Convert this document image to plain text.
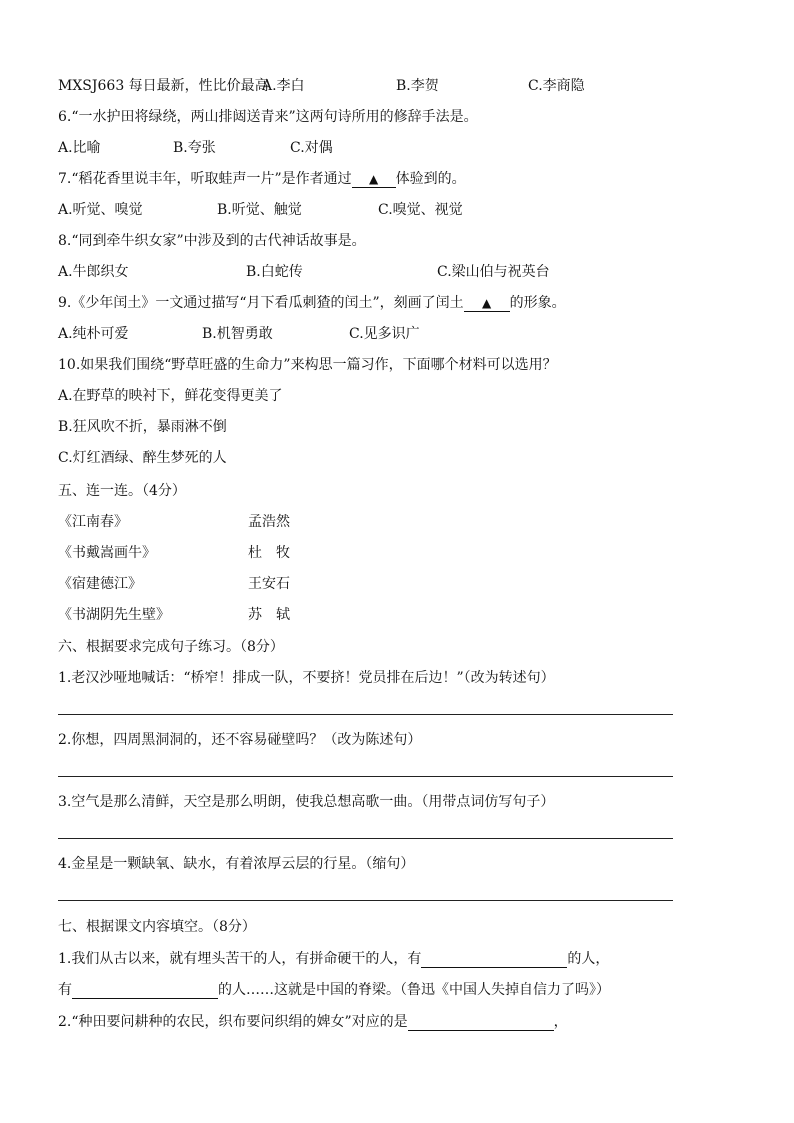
MXSJ663 每日最新，性比价最高
A.李白	B.李贺	C.李商隐
6.“一水护田将绿绕，两山排闼送青来”这两句诗所用的修辞手法是。
A.比喻	B.夸张	C.对偶
7.“稻花香里说丰年，听取蛙声一片”是作者通过 ▲ 体验到的。
A.听觉、嗅觉	B.听觉、触觉	C.嗅觉、视觉
8.“同到牵牛织女家”中涉及到的古代神话故事是。
A.牛郎织女	B.白蛇传	C.梁山伯与祝英台
9.《少年闰土》一文通过描写“月下看瓜刺猹的闰土”，刻画了闰土 ▲ 的形象。
A.纯朴可爱	B.机智勇敢	C.见多识广
10.如果我们围绕“野草旺盛的生命力”来构思一篇习作，下面哪个材料可以选用？
A.在野草的映衬下，鲜花变得更美了
B.狂风吹不折，暴雨淋不倒
C.灯红酒绿、醉生梦死的人
五、连一连。（4分）
《江南春》	孟浩然
《书戴嵩画牛》	杜　牧
《宿建德江》	王安石
《书湖阴先生壁》	苏　轼
六、根据要求完成句子练习。（8分）
1.老汉沙哑地喊话：“桥窄！排成一队，不要挤！党员排在后边！”（改为转述句）
2.你想，四周黑洞洞的，还不容易碰壁吗？（改为陈述句）
3.空气是那么清鲜，天空是那么明朗，使我总想高歌一曲。（用带点词仿写句子）
4.金星是一颗缺氧、缺水，有着浓厚云层的行星。（缩句）
七、根据课文内容填空。（8分）
1.我们从古以来，就有埋头苦干的人，有拼命硬干的人，有	的人，
有	的人……这就是中国的脊梁。（鲁迅《中国人失掉自信力了吗》）
2.“种田要问耕种的农民，织布要问织绢的婢女”对应的是	，
